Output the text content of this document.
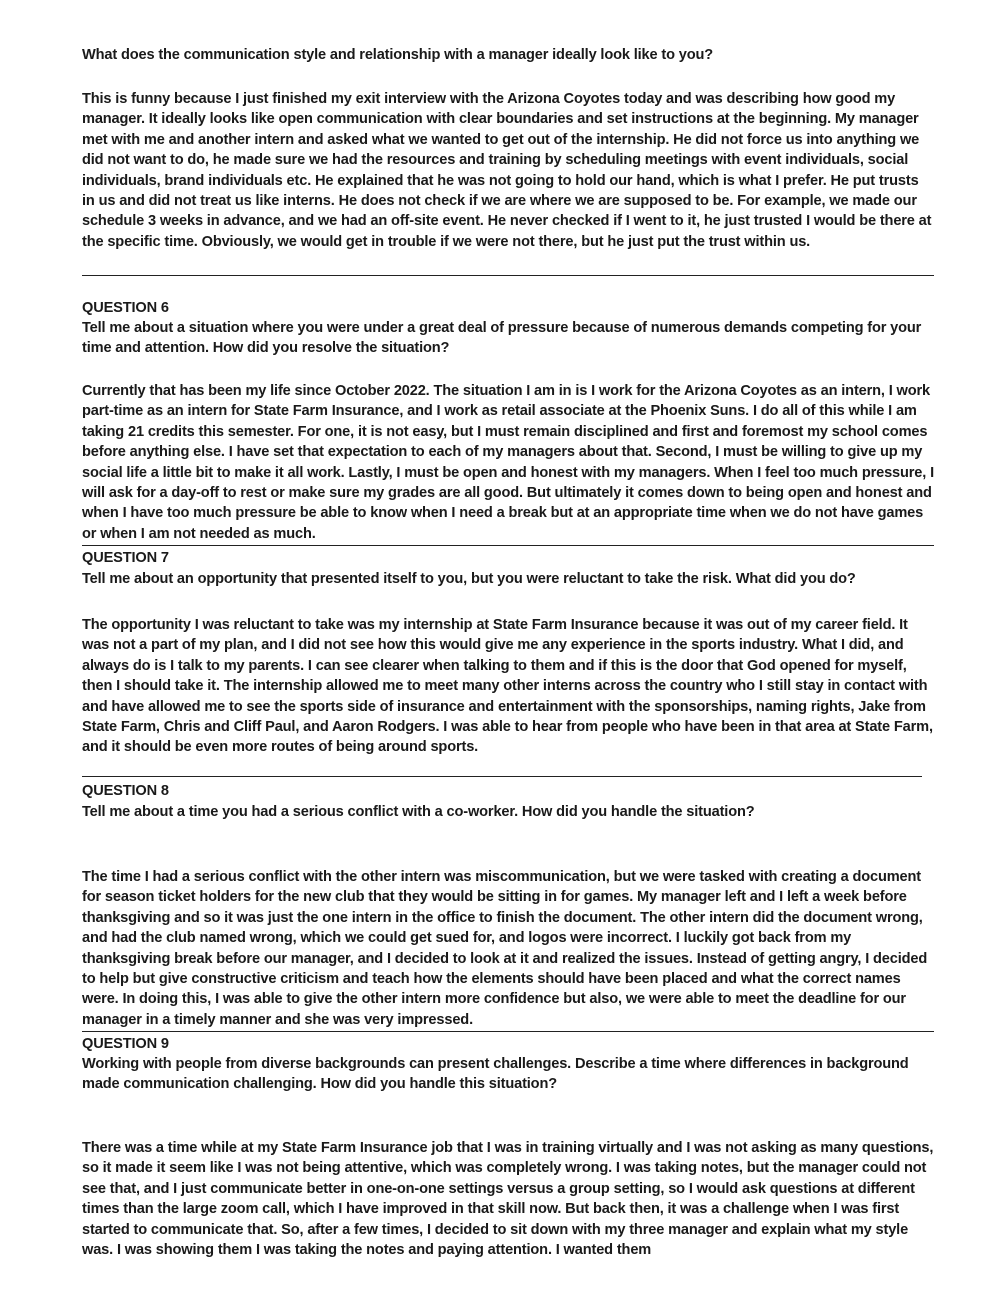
What does the communication style and relationship with a manager ideally look like to you?

This is funny because I just finished my exit interview with the Arizona Coyotes today and was describing how good my manager. It ideally looks like open communication with clear boundaries and set instructions at the beginning. My manager met with me and another intern and asked what we wanted to get out of the internship. He did not force us into anything we did not want to do, he made sure we had the resources and training by scheduling meetings with event individuals, social individuals, brand individuals etc. He explained that he was not going to hold our hand, which is what I prefer. He put trusts in us and did not treat us like interns. He does not check if we are where we are supposed to be. For example, we made our schedule 3 weeks in advance, and we had an off-site event. He never checked if I went to it, he just trusted I would be there at the specific time. Obviously, we would get in trouble if we were not there, but he just put the trust within us.

QUESTION 6

Tell me about a situation where you were under a great deal of pressure because of numerous demands competing for your time and attention. How did you resolve the situation?

Currently that has been my life since October 2022. The situation I am in is I work for the Arizona Coyotes as an intern, I work part-time as an intern for State Farm Insurance, and I work as retail associate at the Phoenix Suns. I do all of this while I am taking 21 credits this semester. For one, it is not easy, but I must remain disciplined and first and foremost my school comes before anything else. I have set that expectation to each of my managers about that. Second, I must be willing to give up my social life a little bit to make it all work. Lastly, I must be open and honest with my managers. When I feel too much pressure, I will ask for a day-off to rest or make sure my grades are all good. But ultimately it comes down to being open and honest and when I have too much pressure be able to know when I need a break but at an appropriate time when we do not have games or when I am not needed as much.

QUESTION 7

Tell me about an opportunity that presented itself to you, but you were reluctant to take the risk. What did you do?

The opportunity I was reluctant to take was my internship at State Farm Insurance because it was out of my career field. It was not a part of my plan, and I did not see how this would give me any experience in the sports industry. What I did, and always do is I talk to my parents. I can see clearer when talking to them and if this is the door that God opened for myself, then I should take it. The internship allowed me to meet many other interns across the country who I still stay in contact with and have allowed me to see the sports side of insurance and entertainment with the sponsorships, naming rights, Jake from State Farm, Chris and Cliff Paul, and Aaron Rodgers. I was able to hear from people who have been in that area at State Farm, and it should be even more routes of being around sports.

QUESTION 8

Tell me about a time you had a serious conflict with a co-worker. How did you handle the situation?

The time I had a serious conflict with the other intern was miscommunication, but we were tasked with creating a document for season ticket holders for the new club that they would be sitting in for games. My manager left and I left a week before thanksgiving and so it was just the one intern in the office to finish the document. The other intern did the document wrong, and had the club named wrong, which we could get sued for, and logos were incorrect. I luckily got back from my thanksgiving break before our manager, and I decided to look at it and realized the issues. Instead of getting angry, I decided to help but give constructive criticism and teach how the elements should have been placed and what the correct names were. In doing this, I was able to give the other intern more confidence but also, we were able to meet the deadline for our manager in a timely manner and she was very impressed.

QUESTION 9

Working with people from diverse backgrounds can present challenges. Describe a time where differences in background made communication challenging. How did you handle this situation?

There was a time while at my State Farm Insurance job that I was in training virtually and I was not asking as many questions, so it made it seem like I was not being attentive, which was completely wrong. I was taking notes, but the manager could not see that, and I just communicate better in one-on-one settings versus a group setting, so I would ask questions at different times than the large zoom call, which I have improved in that skill now. But back then, it was a challenge when I was first started to communicate that. So, after a few times, I decided to sit down with my three manager and explain what my style was. I was showing them I was taking the notes and paying attention. I wanted them
